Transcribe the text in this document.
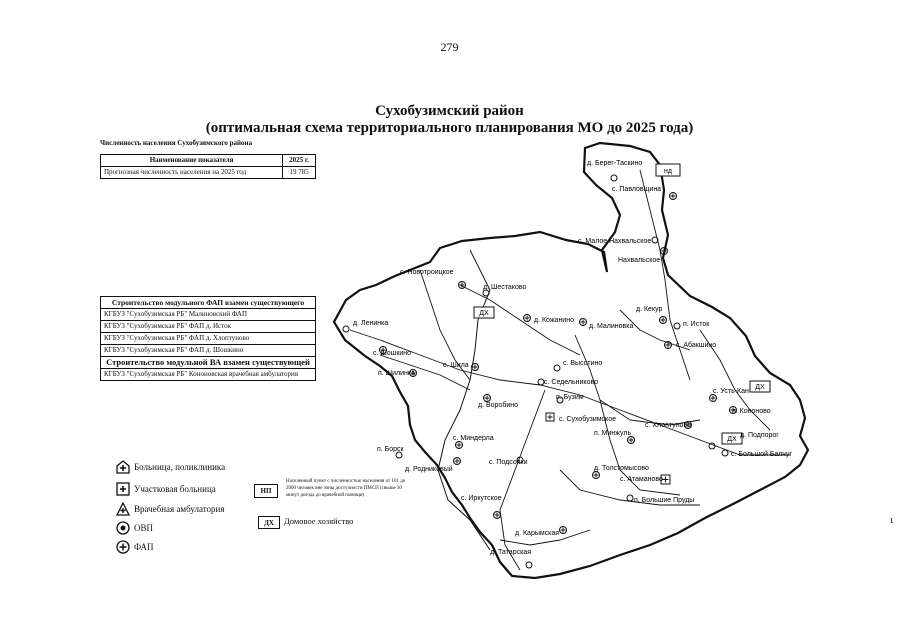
279
Сухобузимский район
(оптимальная схема территориального планирования МО до 2025 года)
Численность населения Сухобузимского района
Наименование показателя	2025 г.
Прогнозная численность населения на 2025 год	19 785
Строительство модульного ФАП взамен существующего
КГБУЗ "Сухобузимская РБ" Малиновский ФАП
КГБУЗ "Сухобузимская РБ" ФАП д. Исток
КГБУЗ "Сухобузимская РБ" ФАП д. Хлоптуново
КГБУЗ "Сухобузимская РБ" ФАП д. Шошкино
Строительство модульной ВА взамен существующей
КГБУЗ "Сухобузимская РБ" Кононовская врачебная амбулатория
Больница, поликлиника
Участковая больница
Врачебная амбулатория
ОВП
ФАП
НП
Населенный пункт с численностью населения от 101 до 2000 человек вне зоны доступности ПМСП (свыше 30 минут доезда до врачебной помощи)
ДХ	Домовое хозяйство
нд
ДХ
ДХ
ДХ
д. Берег-Таскино
с. Павловщина
с. Малое Нахвальское
Нахвальское
с. Новотроицкое
д. Шестаково
д. Ленинка
д. Кекур
п. Исток
д. Кожанино
д. Малиновка
с. Абакшино
с. Шошкино
п. Шилинка
с. Шила	с. Высотино
с. Седельниково
д. Воробино
п. Бузим
с. Усть-Кан
п. Кононово
с. Сухобузимское
с. Хлоптуново
д. Подпорог
с. Миндерла
п. Минжуль
с. Большой Балчуг
п. Борск
д. Родниковый
с. Подсопки
д. Толстомысово
с. Атаманово
с. Иркутское	п. Большие Пруды
д. Карымская
д. Татарская
ı
